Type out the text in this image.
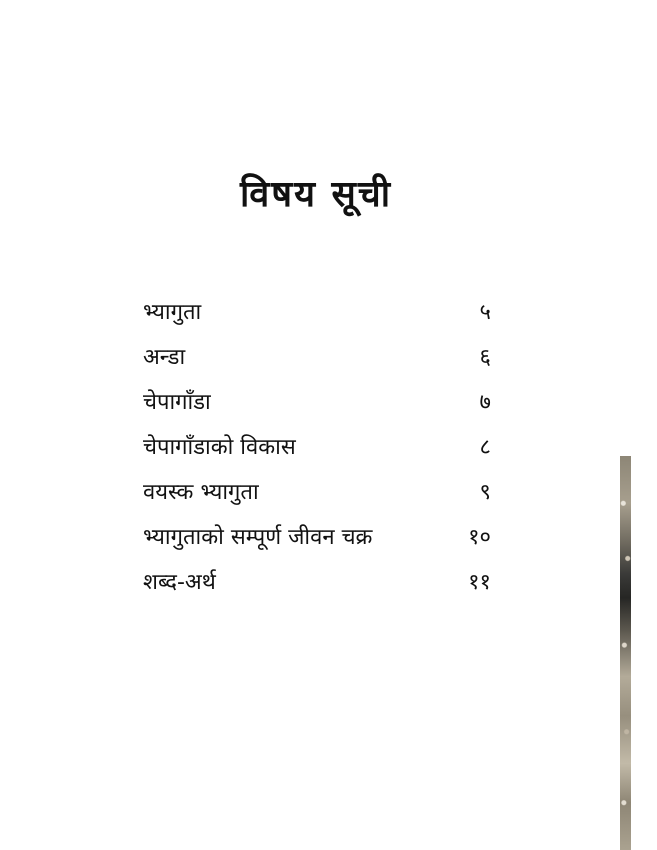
विषय सूची
भ्यागुता	५
अन्डा	६
चेपागाँडा	७
चेपागाँडाको विकास	८
वयस्क भ्यागुता	९
भ्यागुताको सम्पूर्ण जीवन चक्र	१०
शब्द-अर्थ	११
